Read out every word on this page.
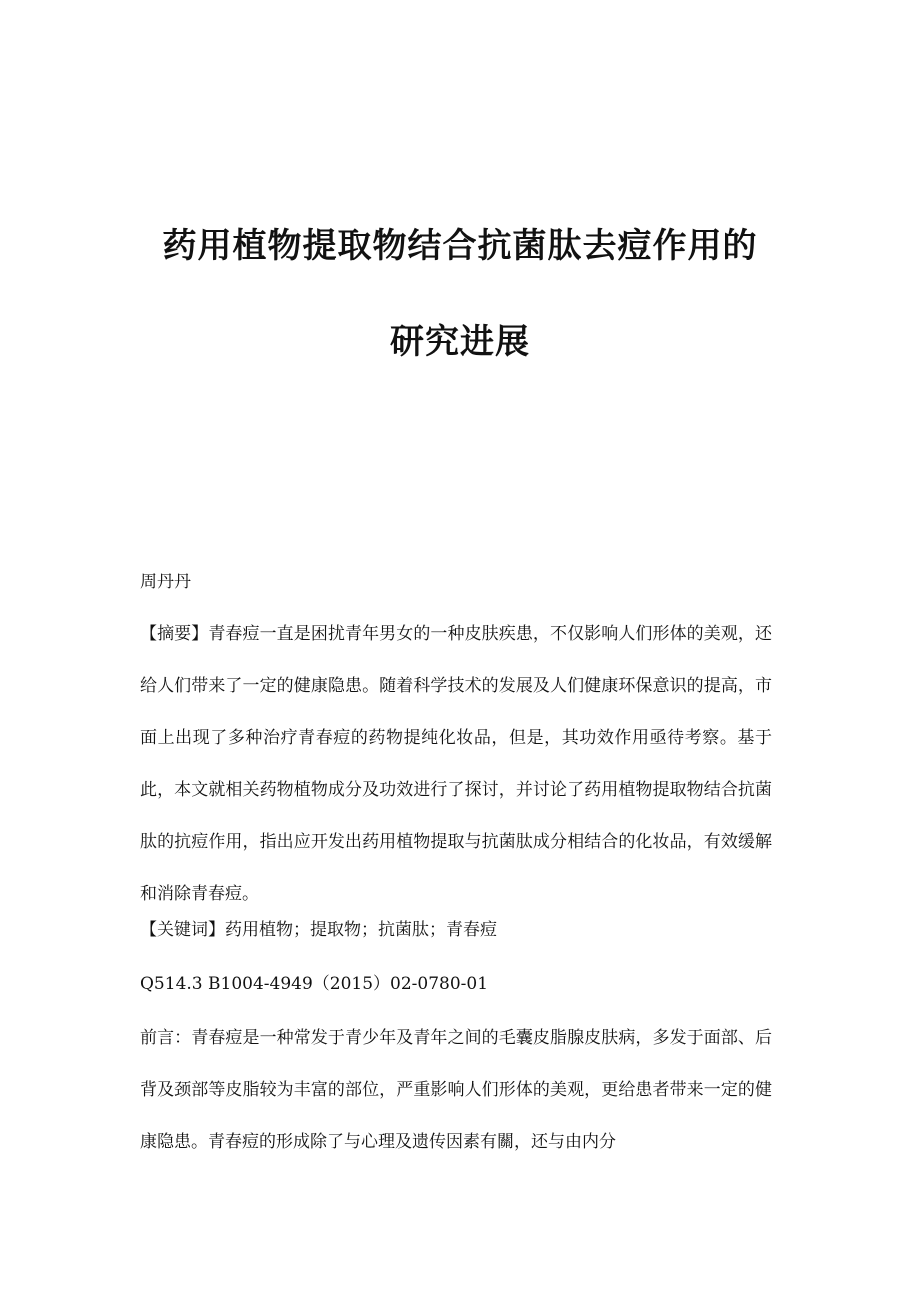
药用植物提取物结合抗菌肽去痘作用的
研究进展
周丹丹
【摘要】青春痘一直是困扰青年男女的一种皮肤疾患，不仅影响人们形体的美观，还给人们带来了一定的健康隐患。随着科学技术的发展及人们健康环保意识的提高，市面上出现了多种治疗青春痘的药物提纯化妆品，但是，其功效作用亟待考察。基于此，本文就相关药物植物成分及功效进行了探讨，并讨论了药用植物提取物结合抗菌肽的抗痘作用，指出应开发出药用植物提取与抗菌肽成分相结合的化妆品，有效缓解和消除青春痘。
【关键词】药用植物；提取物；抗菌肽；青春痘
Q514.3 B1004-4949（2015）02-0780-01
前言：青春痘是一种常发于青少年及青年之间的毛囊皮脂腺皮肤病，多发于面部、后背及颈部等皮脂较为丰富的部位，严重影响人们形体的美观，更给患者带来一定的健康隐患。青春痘的形成除了与心理及遗传因素有關，还与由内分
